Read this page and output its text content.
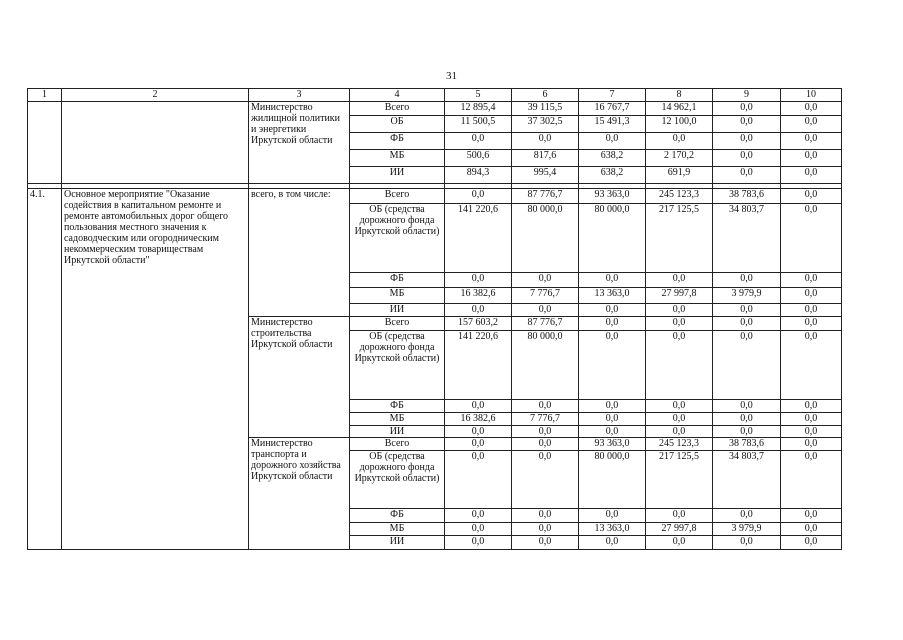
31
1	2	3	4	5	6	7	8	9	10
		Министерство жилищной политики и энергетики Иркутской области	Всего	12 895,4	39 115,5	16 767,7	14 962,1	0,0	0,0
			ОБ	11 500,5	37 302,5	15 491,3	12 100,0	0,0	0,0
			ФБ	0,0	0,0	0,0	0,0	0,0	0,0
			МБ	500,6	817,6	638,2	2 170,2	0,0	0,0
			ИИ	894,3	995,4	638,2	691,9	0,0	0,0

4.1.	Основное мероприятие "Оказание содействия в капитальном ремонте и ремонте автомобильных дорог общего пользования местного значения к садоводческим или огородническим некоммерческим товариществам Иркутской области"	всего, в том числе:	Всего	0,0	87 776,7	93 363,0	245 123,3	38 783,6	0,0
			ОБ (средства дорожного фонда Иркутской области)	141 220,6	80 000,0	80 000,0	217 125,5	34 803,7	0,0
			ФБ	0,0	0,0	0,0	0,0	0,0	0,0
			МБ	16 382,6	7 776,7	13 363,0	27 997,8	3 979,9	0,0
			ИИ	0,0	0,0	0,0	0,0	0,0	0,0
		Министерство строительства Иркутской области	Всего	157 603,2	87 776,7	0,0	0,0	0,0	0,0
			ОБ (средства дорожного фонда Иркутской области)	141 220,6	80 000,0	0,0	0,0	0,0	0,0
			ФБ	0,0	0,0	0,0	0,0	0,0	0,0
			МБ	16 382,6	7 776,7	0,0	0,0	0,0	0,0
			ИИ	0,0	0,0	0,0	0,0	0,0	0,0
		Министерство транспорта и дорожного хозяйства Иркутской области	Всего	0,0	0,0	93 363,0	245 123,3	38 783,6	0,0
			ОБ (средства дорожного фонда Иркутской области)	0,0	0,0	80 000,0	217 125,5	34 803,7	0,0
			ФБ	0,0	0,0	0,0	0,0	0,0	0,0
			МБ	0,0	0,0	13 363,0	27 997,8	3 979,9	0,0
			ИИ	0,0	0,0	0,0	0,0	0,0	0,0
